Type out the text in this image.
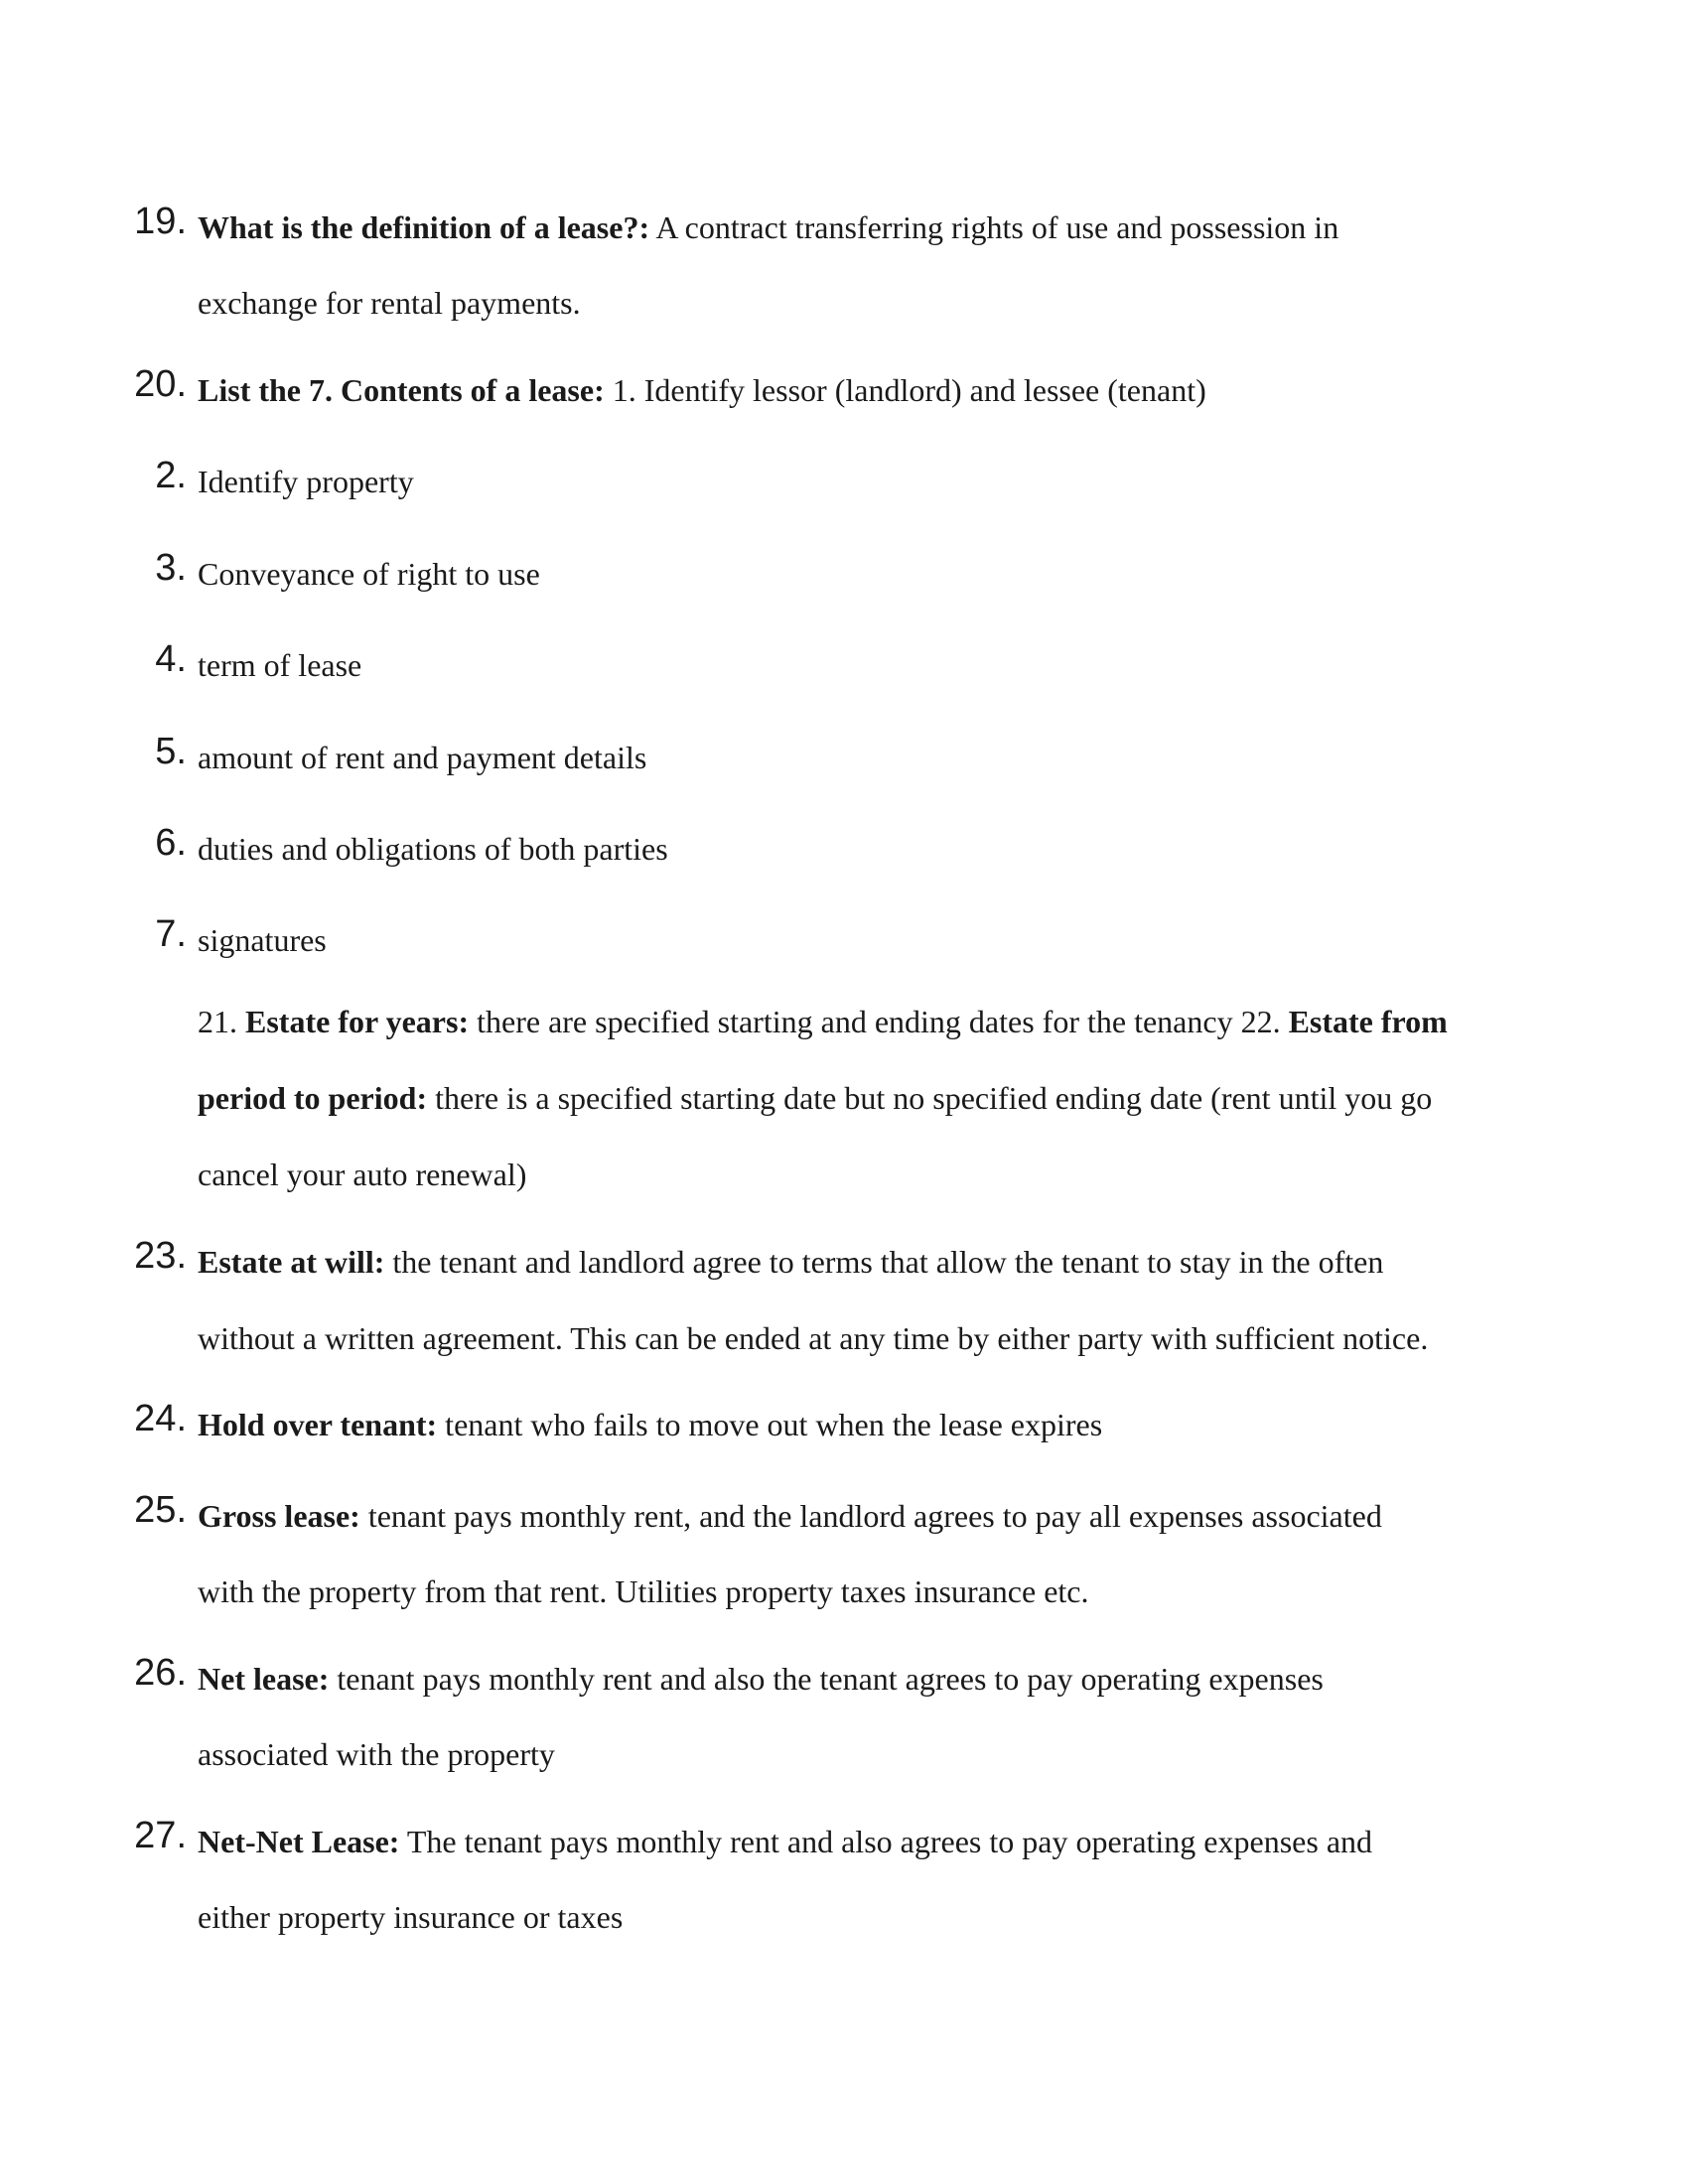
19. What is the definition of a lease?: A contract transferring rights of use and possession in
exchange for rental payments.
20. List the 7. Contents of a lease: 1. Identify lessor (landlord) and lessee (tenant)
2. Identify property
3. Conveyance of right to use
4. term of lease
5. amount of rent and payment details
6. duties and obligations of both parties
7. signatures
21. Estate for years: there are specified starting and ending dates for the tenancy 22. Estate from
period to period: there is a specified starting date but no specified ending date (rent until you go
cancel your auto renewal)
23. Estate at will: the tenant and landlord agree to terms that allow the tenant to stay in the often
without a written agreement. This can be ended at any time by either party with sufficient notice.
24. Hold over tenant: tenant who fails to move out when the lease expires
25. Gross lease: tenant pays monthly rent, and the landlord agrees to pay all expenses associated
with the property from that rent. Utilities property taxes insurance etc.
26. Net lease: tenant pays monthly rent and also the tenant agrees to pay operating expenses
associated with the property
27. Net-Net Lease: The tenant pays monthly rent and also agrees to pay operating expenses and
either property insurance or taxes
